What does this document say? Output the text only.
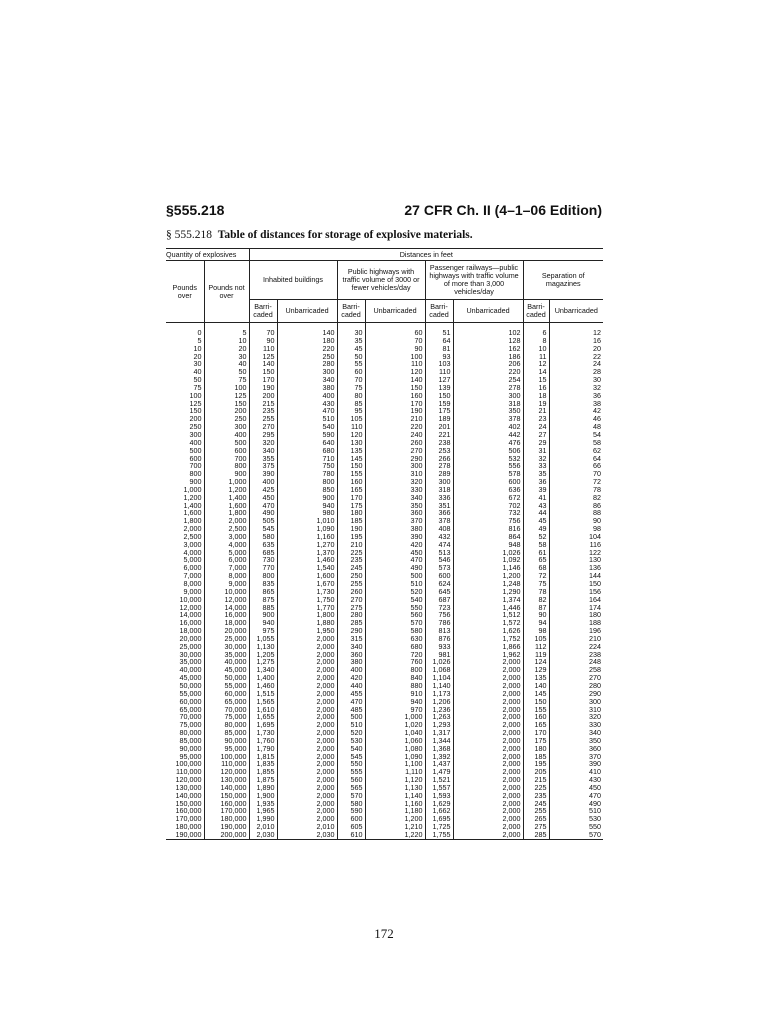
§555.218	27 CFR Ch. II (4–1–06 Edition)
§ 555.218 Table of distances for storage of explosive materials.
Quantity of explosives		Distances in feet							
Pounds over	Pounds not over	Inhabited buildings		Public highways with traffic volume of 3000 or fewer vehicles/day		Passenger railways—public highways with traffic volume of more than 3,000 vehicles/day		Separation of magazines	
		Barri-caded	Unbarricaded	Barri-caded	Unbarricaded	Barri-caded	Unbarricaded	Barri-caded	Unbarricaded
0	5	70	140	30	60	51	102	6	12
5	10	90	180	35	70	64	128	8	16
10	20	110	220	45	90	81	162	10	20
20	30	125	250	50	100	93	186	11	22
30	40	140	280	55	110	103	206	12	24
40	50	150	300	60	120	110	220	14	28
50	75	170	340	70	140	127	254	15	30
75	100	190	380	75	150	139	278	16	32
100	125	200	400	80	160	150	300	18	36
125	150	215	430	85	170	159	318	19	38
150	200	235	470	95	190	175	350	21	42
200	250	255	510	105	210	189	378	23	46
250	300	270	540	110	220	201	402	24	48
300	400	295	590	120	240	221	442	27	54
400	500	320	640	130	260	238	476	29	58
500	600	340	680	135	270	253	506	31	62
600	700	355	710	145	290	266	532	32	64
700	800	375	750	150	300	278	556	33	66
800	900	390	780	155	310	289	578	35	70
900	1,000	400	800	160	320	300	600	36	72
1,000	1,200	425	850	165	330	318	636	39	78
1,200	1,400	450	900	170	340	336	672	41	82
1,400	1,600	470	940	175	350	351	702	43	86
1,600	1,800	490	980	180	360	366	732	44	88
1,800	2,000	505	1,010	185	370	378	756	45	90
2,000	2,500	545	1,090	190	380	408	816	49	98
2,500	3,000	580	1,160	195	390	432	864	52	104
3,000	4,000	635	1,270	210	420	474	948	58	116
4,000	5,000	685	1,370	225	450	513	1,026	61	122
5,000	6,000	730	1,460	235	470	546	1,092	65	130
6,000	7,000	770	1,540	245	490	573	1,146	68	136
7,000	8,000	800	1,600	250	500	600	1,200	72	144
8,000	9,000	835	1,670	255	510	624	1,248	75	150
9,000	10,000	865	1,730	260	520	645	1,290	78	156
10,000	12,000	875	1,750	270	540	687	1,374	82	164
12,000	14,000	885	1,770	275	550	723	1,446	87	174
14,000	16,000	900	1,800	280	560	756	1,512	90	180
16,000	18,000	940	1,880	285	570	786	1,572	94	188
18,000	20,000	975	1,950	290	580	813	1,626	98	196
20,000	25,000	1,055	2,000	315	630	876	1,752	105	210
25,000	30,000	1,130	2,000	340	680	933	1,866	112	224
30,000	35,000	1,205	2,000	360	720	981	1,962	119	238
35,000	40,000	1,275	2,000	380	760	1,026	2,000	124	248
40,000	45,000	1,340	2,000	400	800	1,068	2,000	129	258
45,000	50,000	1,400	2,000	420	840	1,104	2,000	135	270
50,000	55,000	1,460	2,000	440	880	1,140	2,000	140	280
55,000	60,000	1,515	2,000	455	910	1,173	2,000	145	290
60,000	65,000	1,565	2,000	470	940	1,206	2,000	150	300
65,000	70,000	1,610	2,000	485	970	1,236	2,000	155	310
70,000	75,000	1,655	2,000	500	1,000	1,263	2,000	160	320
75,000	80,000	1,695	2,000	510	1,020	1,293	2,000	165	330
80,000	85,000	1,730	2,000	520	1,040	1,317	2,000	170	340
85,000	90,000	1,760	2,000	530	1,060	1,344	2,000	175	350
90,000	95,000	1,790	2,000	540	1,080	1,368	2,000	180	360
95,000	100,000	1,815	2,000	545	1,090	1,392	2,000	185	370
100,000	110,000	1,835	2,000	550	1,100	1,437	2,000	195	390
110,000	120,000	1,855	2,000	555	1,110	1,479	2,000	205	410
120,000	130,000	1,875	2,000	560	1,120	1,521	2,000	215	430
130,000	140,000	1,890	2,000	565	1,130	1,557	2,000	225	450
140,000	150,000	1,900	2,000	570	1,140	1,593	2,000	235	470
150,000	160,000	1,935	2,000	580	1,160	1,629	2,000	245	490
160,000	170,000	1,965	2,000	590	1,180	1,662	2,000	255	510
170,000	180,000	1,990	2,000	600	1,200	1,695	2,000	265	530
180,000	190,000	2,010	2,010	605	1,210	1,725	2,000	275	550
190,000	200,000	2,030	2,030	610	1,220	1,755	2,000	285	570
172
